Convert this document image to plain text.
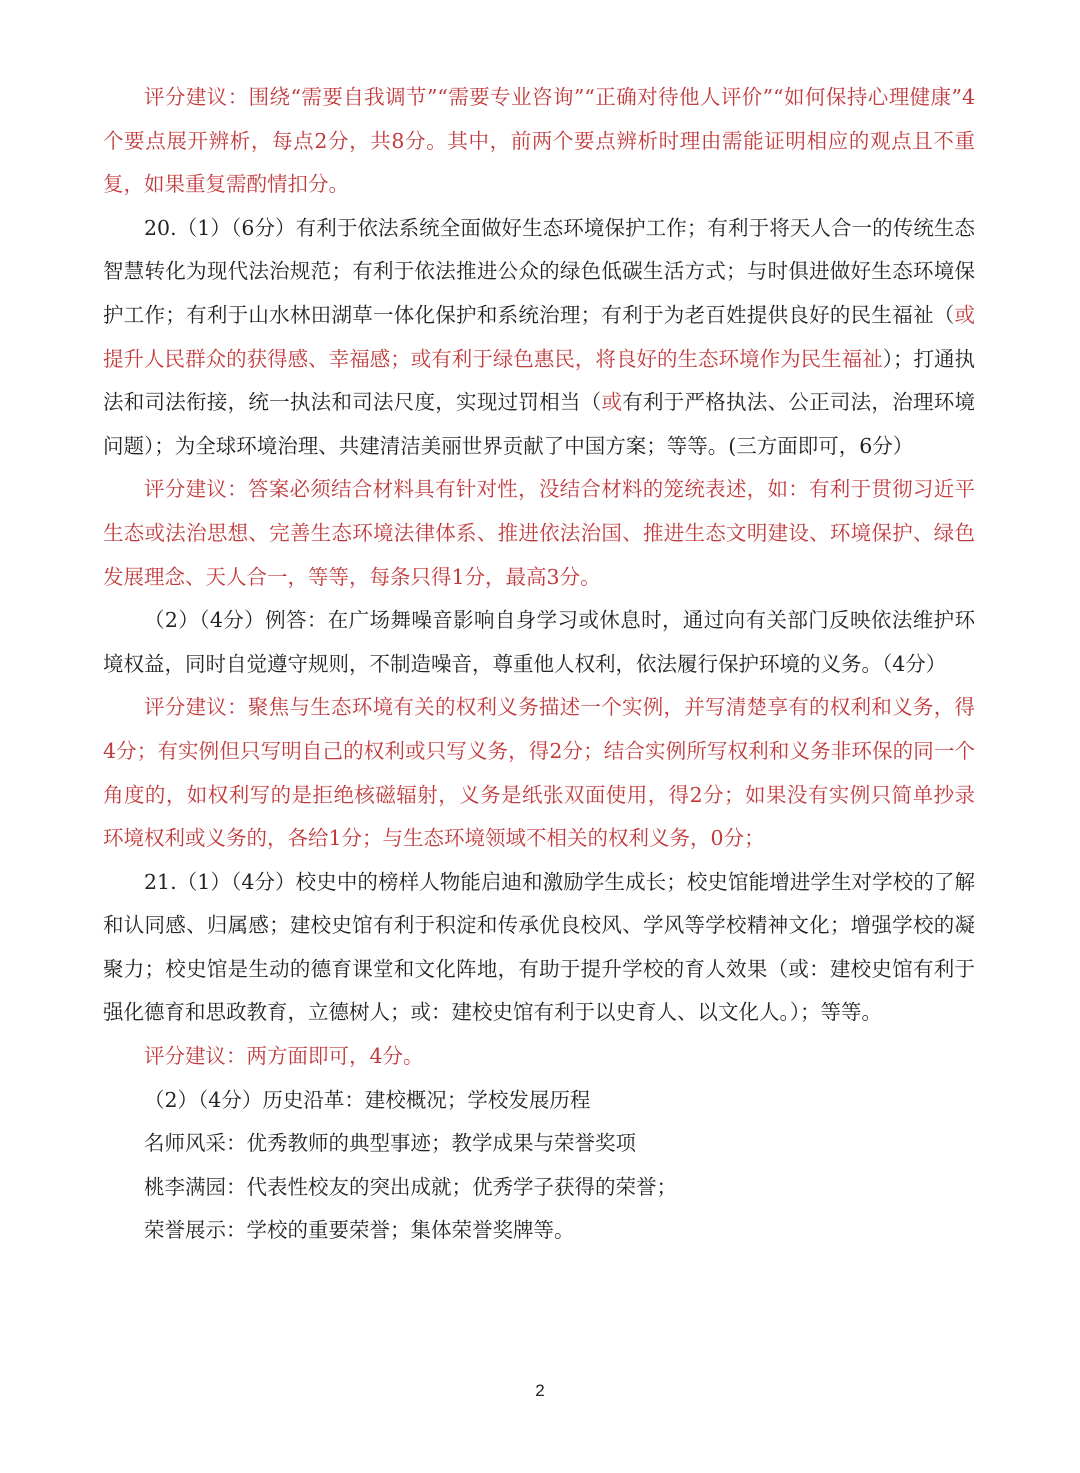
评分建议：围绕“需要自我调节”“需要专业咨询”“正确对待他人评价”“如何保持心理健康”4个要点展开辨析，每点2分，共8分。其中，前两个要点辨析时理由需能证明相应的观点且不重复，如果重复需酌情扣分。

20.（1）（6分）有利于依法系统全面做好生态环境保护工作；有利于将天人合一的传统生态智慧转化为现代法治规范；有利于依法推进公众的绿色低碳生活方式；与时俱进做好生态环境保护工作；有利于山水林田湖草一体化保护和系统治理；有利于为老百姓提供良好的民生福祉（或提升人民群众的获得感、幸福感；或有利于绿色惠民，将良好的生态环境作为民生福祉）；打通执法和司法衔接，统一执法和司法尺度，实现过罚相当（或有利于严格执法、公正司法，治理环境问题）；为全球环境治理、共建清洁美丽世界贡献了中国方案；等等。(三方面即可，6分）

评分建议：答案必须结合材料具有针对性，没结合材料的笼统表述，如：有利于贯彻习近平生态或法治思想、完善生态环境法律体系、推进依法治国、推进生态文明建设、环境保护、绿色发展理念、天人合一，等等，每条只得1分，最高3分。

（2）（4分）例答：在广场舞噪音影响自身学习或休息时，通过向有关部门反映依法维护环境权益，同时自觉遵守规则，不制造噪音，尊重他人权利，依法履行保护环境的义务。（4分）

评分建议：聚焦与生态环境有关的权利义务描述一个实例，并写清楚享有的权利和义务，得4分；有实例但只写明自己的权利或只写义务，得2分；结合实例所写权利和义务非环保的同一个角度的，如权利写的是拒绝核磁辐射，义务是纸张双面使用，得2分；如果没有实例只简单抄录环境权利或义务的，各给1分；与生态环境领域不相关的权利义务，0分；

21.（1）（4分）校史中的榜样人物能启迪和激励学生成长；校史馆能增进学生对学校的了解和认同感、归属感；建校史馆有利于积淀和传承优良校风、学风等学校精神文化；增强学校的凝聚力；校史馆是生动的德育课堂和文化阵地，有助于提升学校的育人效果（或：建校史馆有利于强化德育和思政教育，立德树人；或：建校史馆有利于以史育人、以文化人。）；等等。

评分建议：两方面即可，4分。

（2）（4分）历史沿革：建校概况；学校发展历程

名师风采：优秀教师的典型事迹；教学成果与荣誉奖项

桃李满园：代表性校友的突出成就；优秀学子获得的荣誉；

荣誉展示：学校的重要荣誉；集体荣誉奖牌等。

2
